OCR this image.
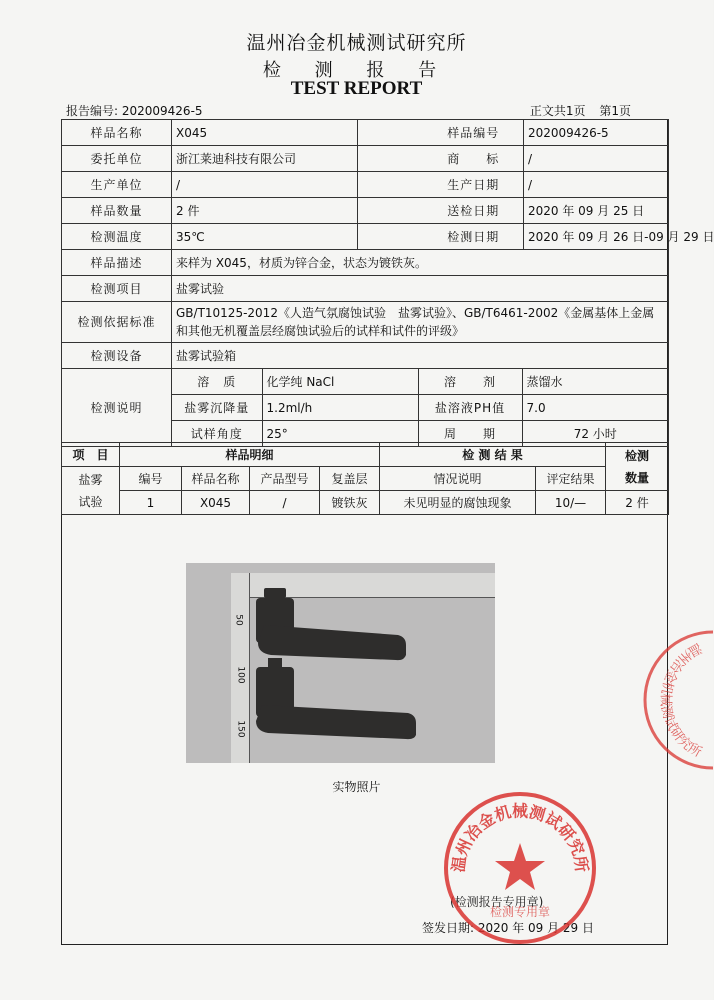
温州冶金机械测试研究所
检 测 报 告
TEST REPORT
报告编号: 202009426-5	正文共1页 第1页
样品名称	X045		样品编号	202009426-5
委托单位	浙江莱迪科技有限公司		商　　标	/
生产单位	/		生产日期	/
样品数量	2 件		送检日期	2020 年 09 月 25 日
检测温度	35℃		检测日期	2020 年 09 月 26 日-09 月 29 日
样品描述	来样为 X045，材质为锌合金，状态为镀铁灰。
检测项目	盐雾试验
检测依据标准	GB/T10125-2012《人造气氛腐蚀试验　盐雾试验》、GB/T6461-2002《金属基体上金属和其他无机覆盖层经腐蚀试验后的试样和试件的评级》
检测设备	盐雾试验箱
检测说明	
溶　质	化学纯 NaCl	溶　　剂	蒸馏水
盐雾沉降量	1.2ml/h	盐溶液PH值	7.0
试样角度	25°	周　　期	72 小时
项　目	样品明细				检 测 结 果		检测
数量

盐雾
试验	编号	样品名称	产品型号	复盖层	情况说明	评定结果	
	1	X045	/	镀铁灰	未见明显的腐蚀现象	10/—	2 件
50
100
150
实物照片
(检测报告专用章)
签发日期: 2020 年 09 月 29 日
温州冶金机械测试研究所
检测专用章
温州冶金机械测试研究所
